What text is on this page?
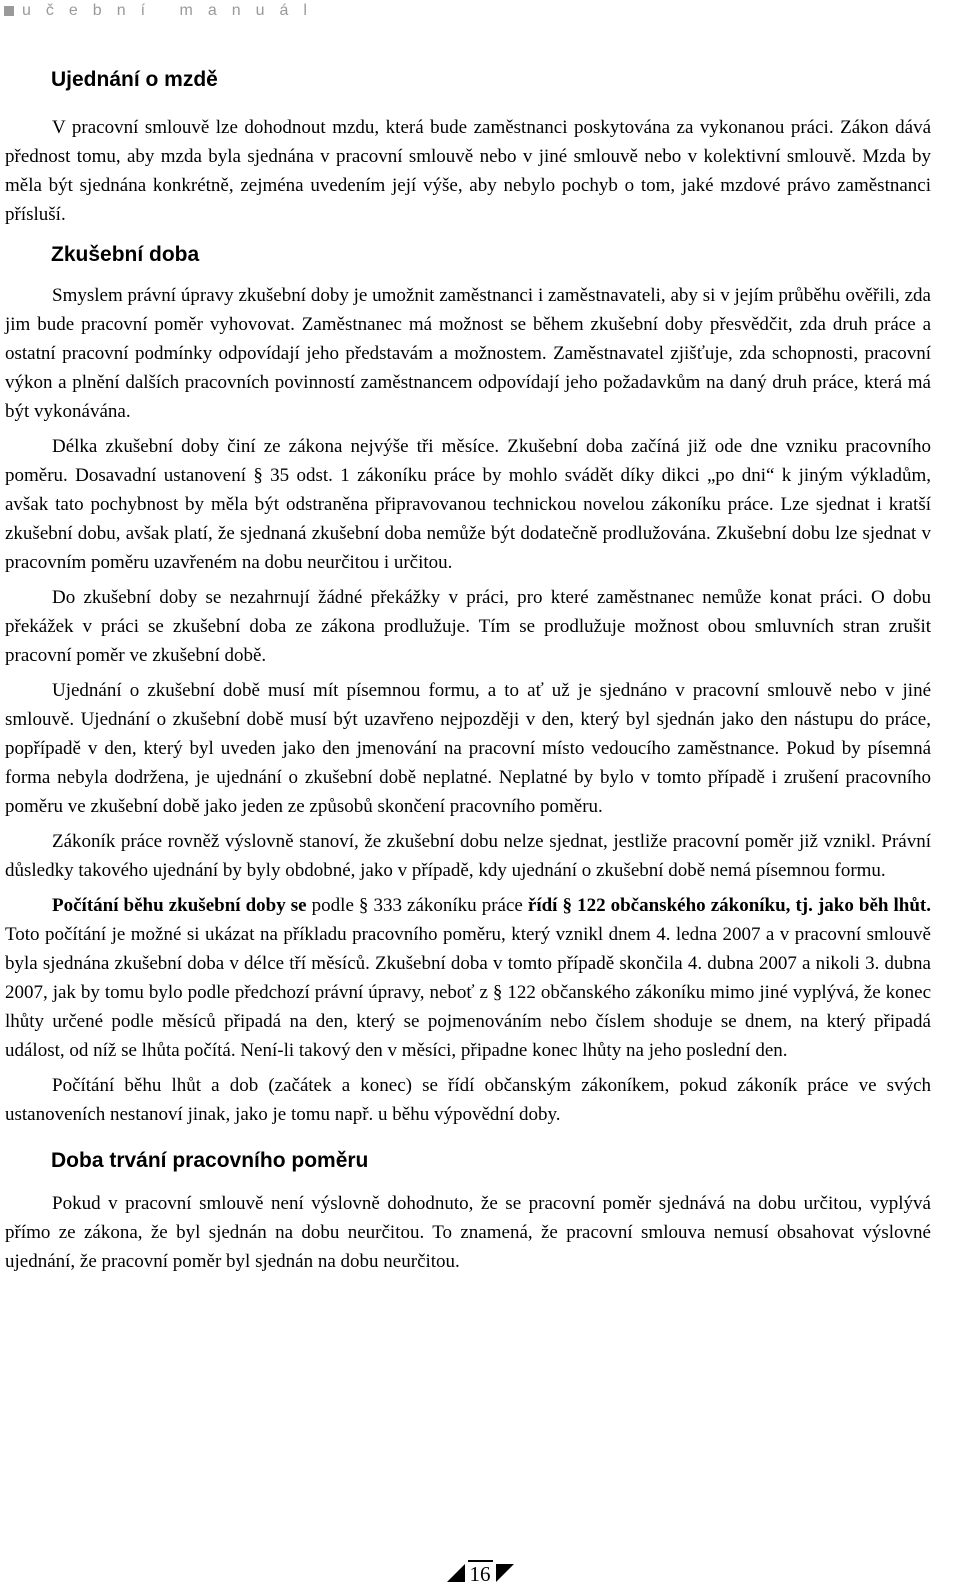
učební manuál
Ujednání o mzdě

V pracovní smlouvě lze dohodnout mzdu, která bude zaměstnanci poskytována za vykonanou práci. Zákon dává přednost tomu, aby mzda byla sjednána v pracovní smlouvě nebo v jiné smlouvě nebo v kolektivní smlouvě. Mzda by měla být sjednána konkrétně, zejména uvedením její výše, aby nebylo pochyb o tom, jaké mzdové právo zaměstnanci přísluší.

Zkušební doba

Smyslem právní úpravy zkušební doby je umožnit zaměstnanci i zaměstnavateli, aby si v jejím průběhu ověřili, zda jim bude pracovní poměr vyhovovat. Zaměstnanec má možnost se během zkušební doby přesvědčit, zda druh práce a ostatní pracovní podmínky odpovídají jeho představám a možnostem. Zaměstnavatel zjišťuje, zda schopnosti, pracovní výkon a plnění dalších pracovních povinností zaměstnancem odpovídají jeho požadavkům na daný druh práce, která má být vykonávána.

Délka zkušební doby činí ze zákona nejvýše tři měsíce. Zkušební doba začíná již ode dne vzniku pracovního poměru. Dosavadní ustanovení § 35 odst. 1 zákoníku práce by mohlo svádět díky dikci „po dni“ k jiným výkladům, avšak tato pochybnost by měla být odstraněna připravovanou technickou novelou zákoníku práce. Lze sjednat i kratší zkušební dobu, avšak platí, že sjednaná zkušební doba nemůže být dodatečně prodlužována. Zkušební dobu lze sjednat v pracovním poměru uzavřeném na dobu neurčitou i určitou.

Do zkušební doby se nezahrnují žádné překážky v práci, pro které zaměstnanec nemůže konat práci. O dobu překážek v práci se zkušební doba ze zákona prodlužuje. Tím se prodlužuje možnost obou smluvních stran zrušit pracovní poměr ve zkušební době.

Ujednání o zkušební době musí mít písemnou formu, a to ať už je sjednáno v pracovní smlouvě nebo v jiné smlouvě. Ujednání o zkušební době musí být uzavřeno nejpozději v den, který byl sjednán jako den nástupu do práce, popřípadě v den, který byl uveden jako den jmenování na pracovní místo vedoucího zaměstnance. Pokud by písemná forma nebyla dodržena, je ujednání o zkušební době neplatné. Neplatné by bylo v tomto případě i zrušení pracovního poměru ve zkušební době jako jeden ze způsobů skončení pracovního poměru.

Zákoník práce rovněž výslovně stanoví, že zkušební dobu nelze sjednat, jestliže pracovní poměr již vznikl. Právní důsledky takového ujednání by byly obdobné, jako v případě, kdy ujednání o zkušební době nemá písemnou formu.

Počítání běhu zkušební doby se podle § 333 zákoníku práce řídí § 122 občanského zákoníku, tj. jako běh lhůt. Toto počítání je možné si ukázat na příkladu pracovního poměru, který vznikl dnem 4. ledna 2007 a v pracovní smlouvě byla sjednána zkušební doba v délce tří měsíců. Zkušební doba v tomto případě skončila 4. dubna 2007 a nikoli 3. dubna 2007, jak by tomu bylo podle předchozí právní úpravy, neboť z § 122 občanského zákoníku mimo jiné vyplývá, že konec lhůty určené podle měsíců připadá na den, který se pojmenováním nebo číslem shoduje se dnem, na který připadá událost, od níž se lhůta počítá. Není-li takový den v měsíci, připadne konec lhůty na jeho poslední den.

Počítání běhu lhůt a dob (začátek a konec) se řídí občanským zákoníkem, pokud zákoník práce ve svých ustanoveních nestanoví jinak, jako je tomu např. u běhu výpovědní doby.

Doba trvání pracovního poměru

Pokud v pracovní smlouvě není výslovně dohodnuto, že se pracovní poměr sjednává na dobu určitou, vyplývá přímo ze zákona, že byl sjednán na dobu neurčitou. To znamená, že pracovní smlouva nemusí obsahovat výslovné ujednání, že pracovní poměr byl sjednán na dobu neurčitou.

16
